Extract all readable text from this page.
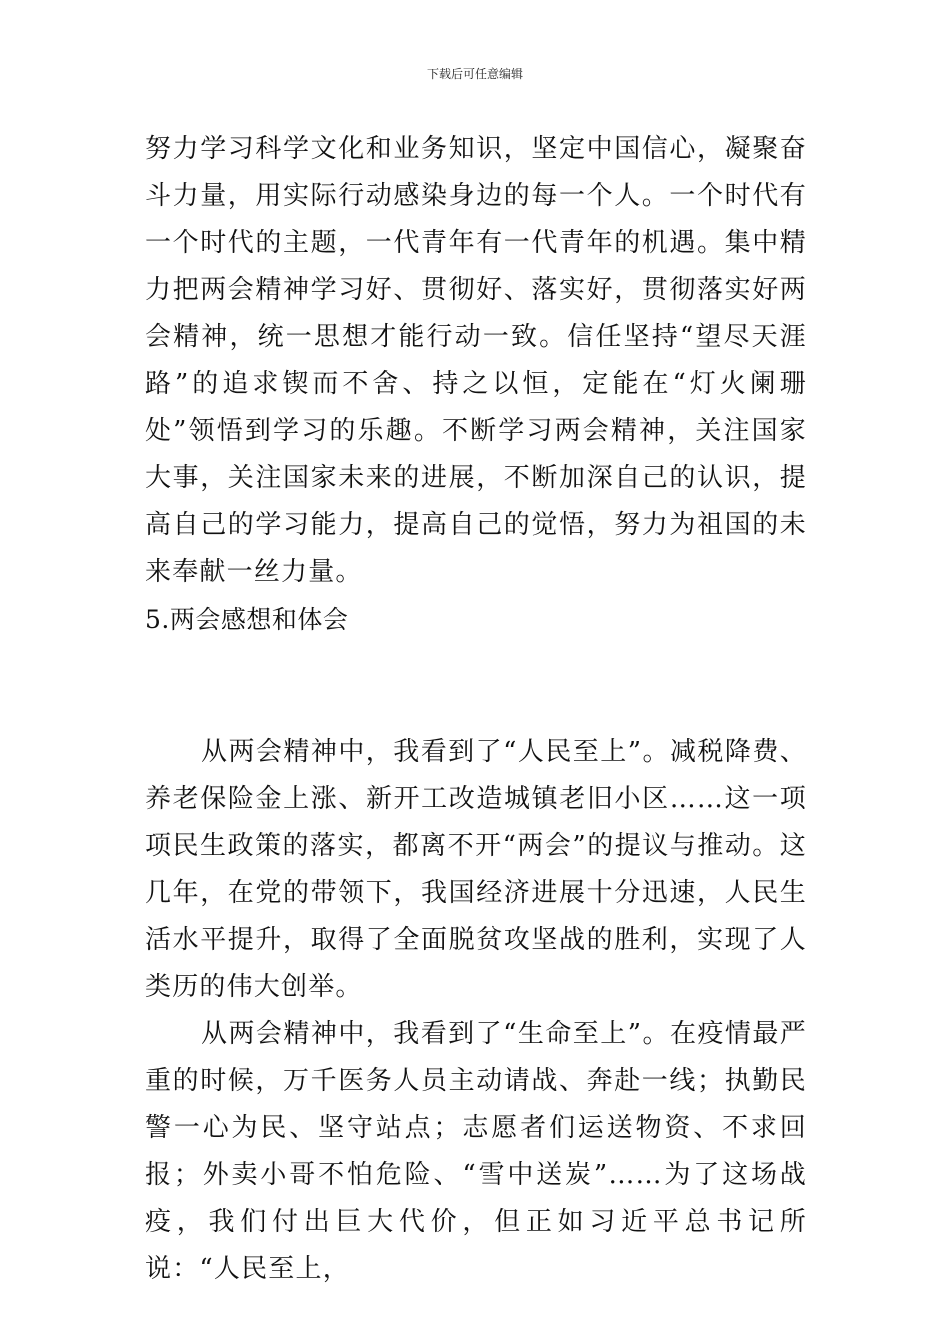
下载后可任意编辑

努力学习科学文化和业务知识，坚定中国信心，凝聚奋斗力量，用实际行动感染身边的每一个人。一个时代有一个时代的主题，一代青年有一代青年的机遇。集中精力把两会精神学习好、贯彻好、落实好，贯彻落实好两会精神，统一思想才能行动一致。信任坚持“望尽天涯路”的追求锲而不舍、持之以恒，定能在“灯火阑珊处”领悟到学习的乐趣。不断学习两会精神，关注国家大事，关注国家未来的进展，不断加深自己的认识，提高自己的学习能力，提高自己的觉悟，努力为祖国的未来奉献一丝力量。

5.两会感想和体会

从两会精神中，我看到了“人民至上”。减税降费、养老保险金上涨、新开工改造城镇老旧小区……这一项项民生政策的落实，都离不开“两会”的提议与推动。这几年，在党的带领下，我国经济进展十分迅速，人民生活水平提升，取得了全面脱贫攻坚战的胜利，实现了人类历的伟大创举。

从两会精神中，我看到了“生命至上”。在疫情最严重的时候，万千医务人员主动请战、奔赴一线；执勤民警一心为民、坚守站点；志愿者们运送物资、不求回报；外卖小哥不怕危险、“雪中送炭”……为了这场战疫，我们付出巨大代价，但正如习近平总书记所说：“人民至上，
